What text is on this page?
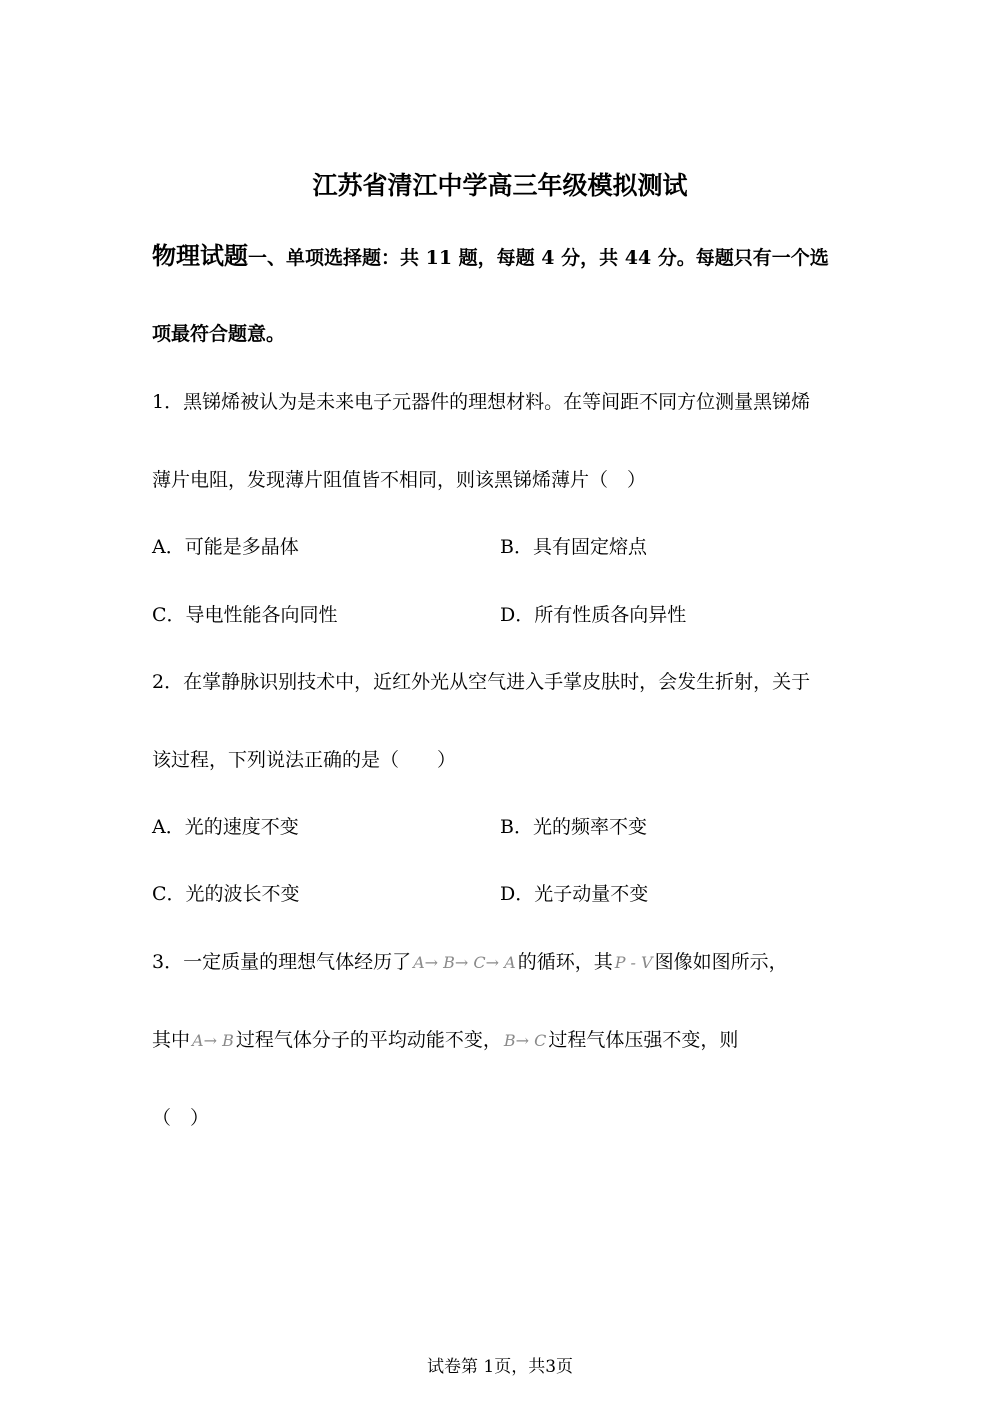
江苏省清江中学高三年级模拟测试
物理试题一、单项选择题：共 11 题，每题 4 分，共 44 分。每题只有一个选
项最符合题意。
1．黑锑烯被认为是未来电子元器件的理想材料。在等间距不同方位测量黑锑烯
薄片电阻，发现薄片阻值皆不相同，则该黑锑烯薄片（　）
A．可能是多晶体	B．具有固定熔点
C．导电性能各向同性	D．所有性质各向异性
2．在掌静脉识别技术中，近红外光从空气进入手掌皮肤时，会发生折射，关于
该过程，下列说法正确的是（　　）
A．光的速度不变	B．光的频率不变
C．光的波长不变	D．光子动量不变
3．一定质量的理想气体经历了 A→ B→ C→ A 的循环，其 P - V 图像如图所示，
其中 A→ B 过程气体分子的平均动能不变， B→ C 过程气体压强不变，则
（　）
试卷第 1页，共3页
